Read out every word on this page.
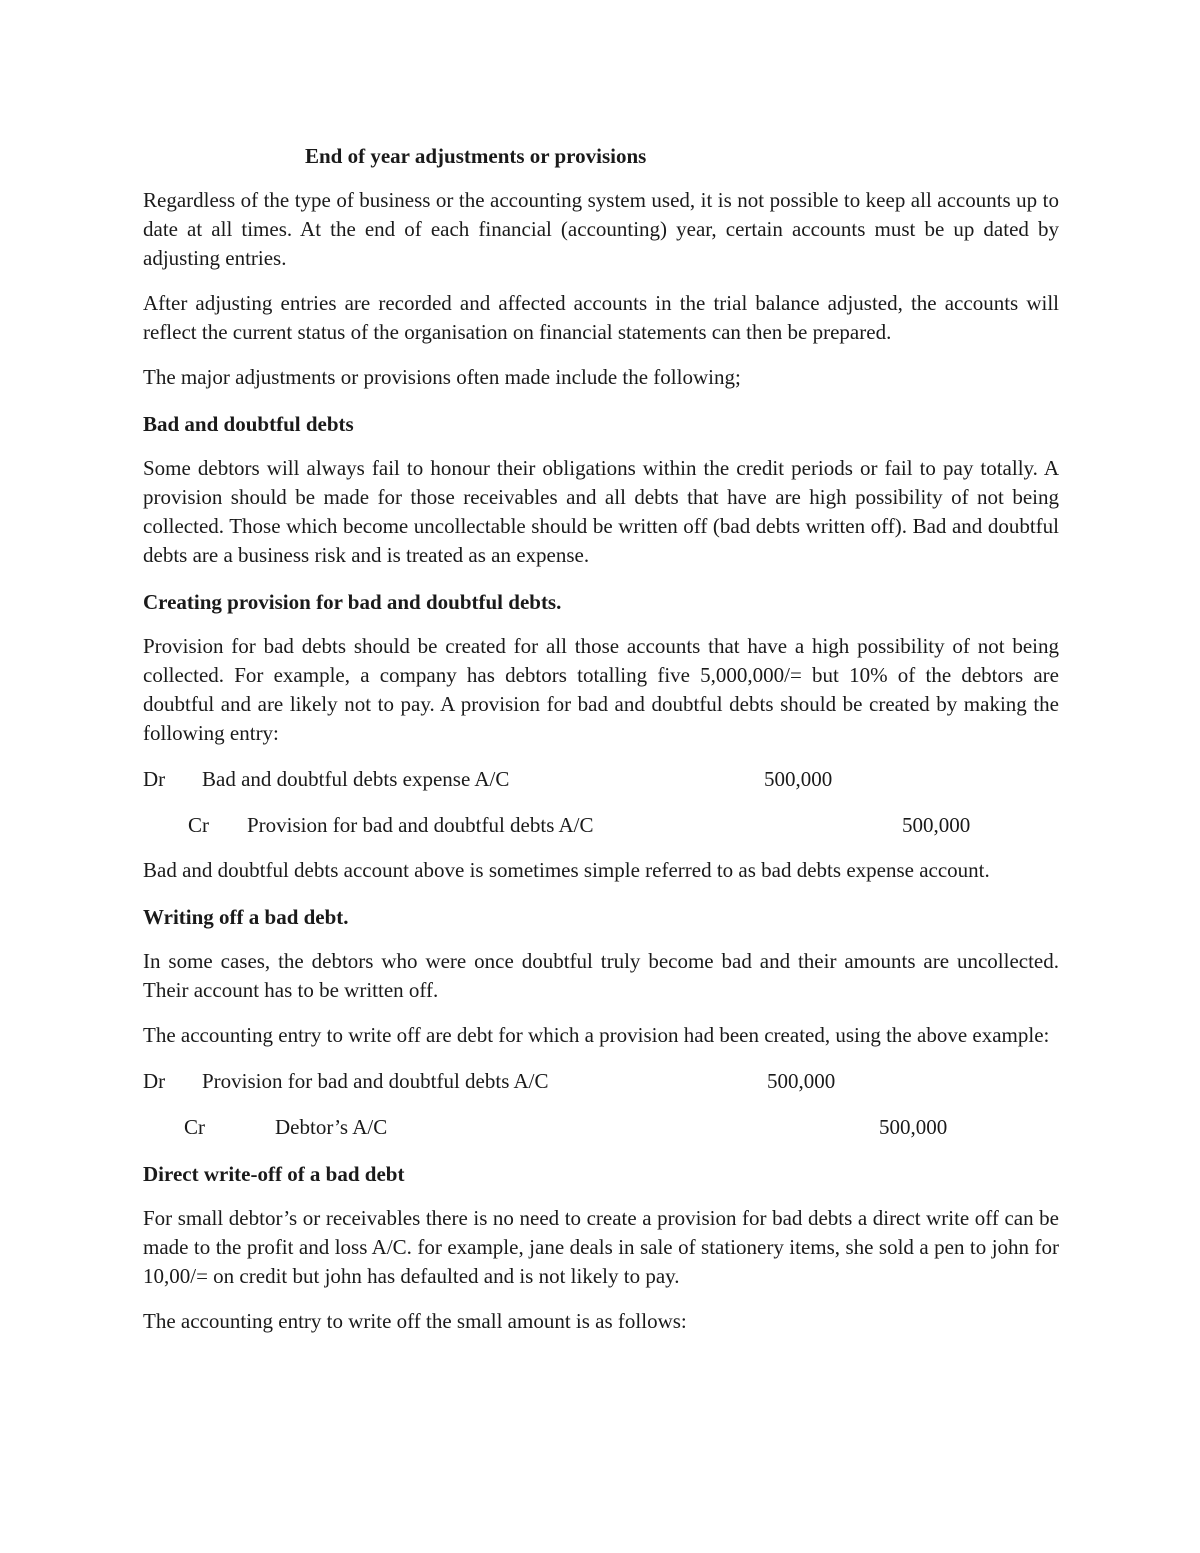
End of year adjustments or provisions

Regardless of the type of business or the accounting system used, it is not possible to keep all accounts up to date at all times. At the end of each financial (accounting) year, certain accounts must be up dated by adjusting entries.

After adjusting entries are recorded and affected accounts in the trial balance adjusted, the accounts will reflect the current status of the organisation on financial statements can then be prepared.

The major adjustments or provisions often made include the following;

Bad and doubtful debts

Some debtors will always fail to honour their obligations within the credit periods or fail to pay totally. A provision should be made for those receivables and all debts that have are high possibility of not being collected. Those which become uncollectable should be written off (bad debts written off). Bad and doubtful debts are a business risk and is treated as an expense.

Creating provision for bad and doubtful debts.

Provision for bad debts should be created for all those accounts that have a high possibility of not being collected. For example, a company has debtors totalling five 5,000,000/= but 10% of the debtors are doubtful and are likely not to pay. A provision for bad and doubtful debts should be created by making the following entry:

Dr Bad and doubtful debts expense A/C	500,000
Cr Provision for bad and doubtful debts A/C	500,000

Bad and doubtful debts account above is sometimes simple referred to as bad debts expense account.

Writing off a bad debt.

In some cases, the debtors who were once doubtful truly become bad and their amounts are uncollected. Their account has to be written off.

The accounting entry to write off are debt for which a provision had been created, using the above example:

Dr Provision for bad and doubtful debts A/C	500,000
Cr	Debtor’s A/C	500,000
Direct write-off of a bad debt

For small debtor’s or receivables there is no need to create a provision for bad debts a direct write off can be made to the profit and loss A/C. for example, jane deals in sale of stationery items, she sold a pen to john for 10,00/= on credit but john has defaulted and is not likely to pay.

The accounting entry to write off the small amount is as follows:
